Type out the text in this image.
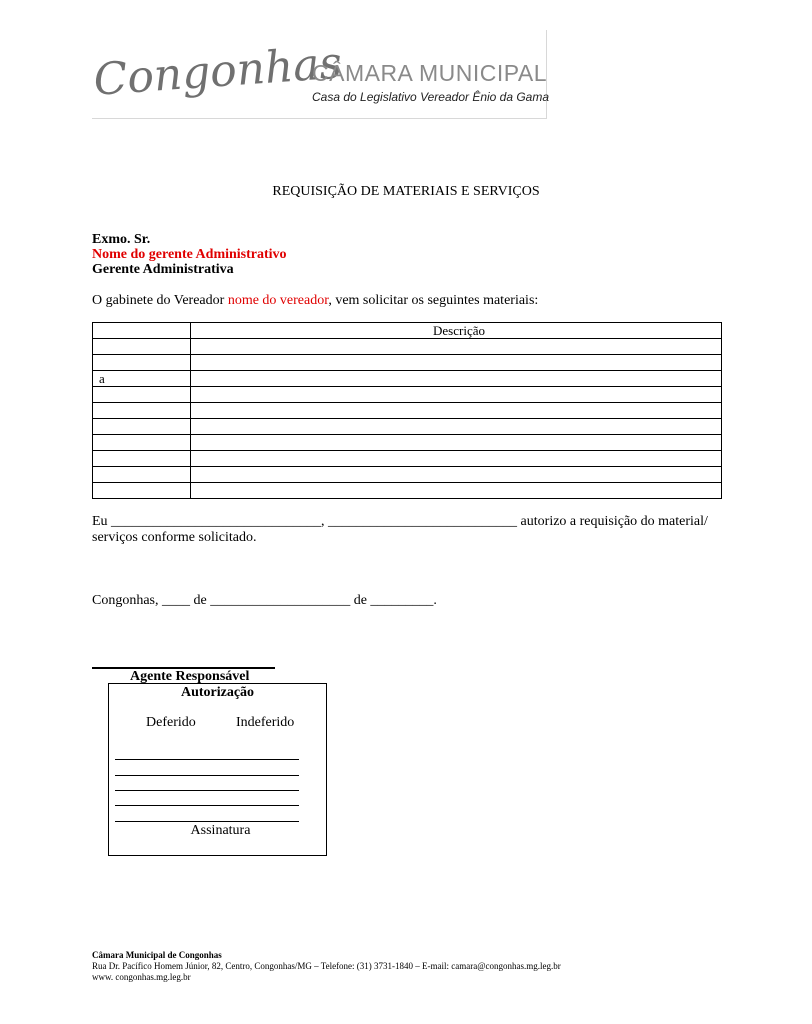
Congonhas
CÂMARA MUNICIPAL
Casa do Legislativo Vereador Ênio da Gama
REQUISIÇÃO DE MATERIAIS E SERVIÇOS
Exmo. Sr.
Nome do gerente Administrativo
Gerente Administrativa
O gabinete do Vereador nome do vereador, vem solicitar os seguintes materiais:
	Descrição

a	

Eu ______________________________, ___________________________ autorizo a requisição do material/
serviços conforme solicitado.
Congonhas, ____ de ____________________ de _________.
Agente Responsável
Autorização
Deferido	Indeferido
Assinatura
Câmara Municipal de Congonhas
Rua Dr. Pacífico Homem Júnior, 82, Centro, Congonhas/MG – Telefone: (31) 3731-1840 – E-mail: camara@congonhas.mg.leg.br
www. congonhas.mg.leg.br
